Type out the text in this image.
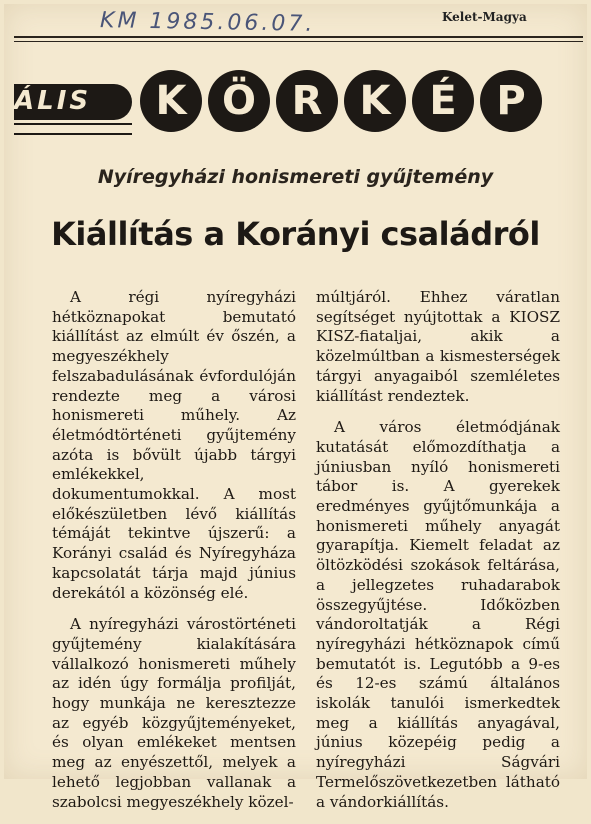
KM 1985.06.07.	Kelet-Magya
ÁLIS	K Ö R K É P
Nyíregyházi honismereti gyűjtemény
Kiállítás a Korányi családról

A régi nyíregyházi hétköznapokat bemutató kiállítást az elmúlt év őszén, a megyeszékhely felszabadulásának évfordulóján rendezte meg a városi honismereti műhely. Az életmódtörténeti gyűjtemény azóta is bővült újabb tárgyi emlékekkel, dokumentumokkal. A most előkészületben lévő kiállítás témáját tekintve újszerű: a Korányi család és Nyíregyháza kapcsolatát tárja majd június derekától a közönség elé.

A nyíregyházi várostörténeti gyűjtemény kialakítására vállalkozó honismereti műhely az idén úgy formálja profilját, hogy munkája ne keresztezze az egyéb közgyűjteményeket, és olyan emlékeket mentsen meg az enyészettől, melyek a lehető legjobban vallanak a szabolcsi megyeszékhely közel-

múltjáról. Ehhez váratlan segítséget nyújtottak a KIOSZ KISZ-fiataljai, akik a közelmúltban a kismesterségek tárgyi anyagaiból szemléletes kiállítást rendeztek.

A város életmódjának kutatását előmozdíthatja a júniusban nyíló honismereti tábor is. A gyerekek eredményes gyűjtőmunkája a honismereti műhely anyagát gyarapítja. Kiemelt feladat az öltözködési szokások feltárása, a jellegzetes ruhadarabok összegyűjtése. Időközben vándoroltatják a Régi nyíregyházi hétköznapok című bemutatót is. Legutóbb a 9-es és 12-es számú általános iskolák tanulói ismerkedtek meg a kiállítás anyagával, június közepéig pedig a nyíregyházi Ságvári Termelőszövetkezetben látható a vándorkiállítás.
